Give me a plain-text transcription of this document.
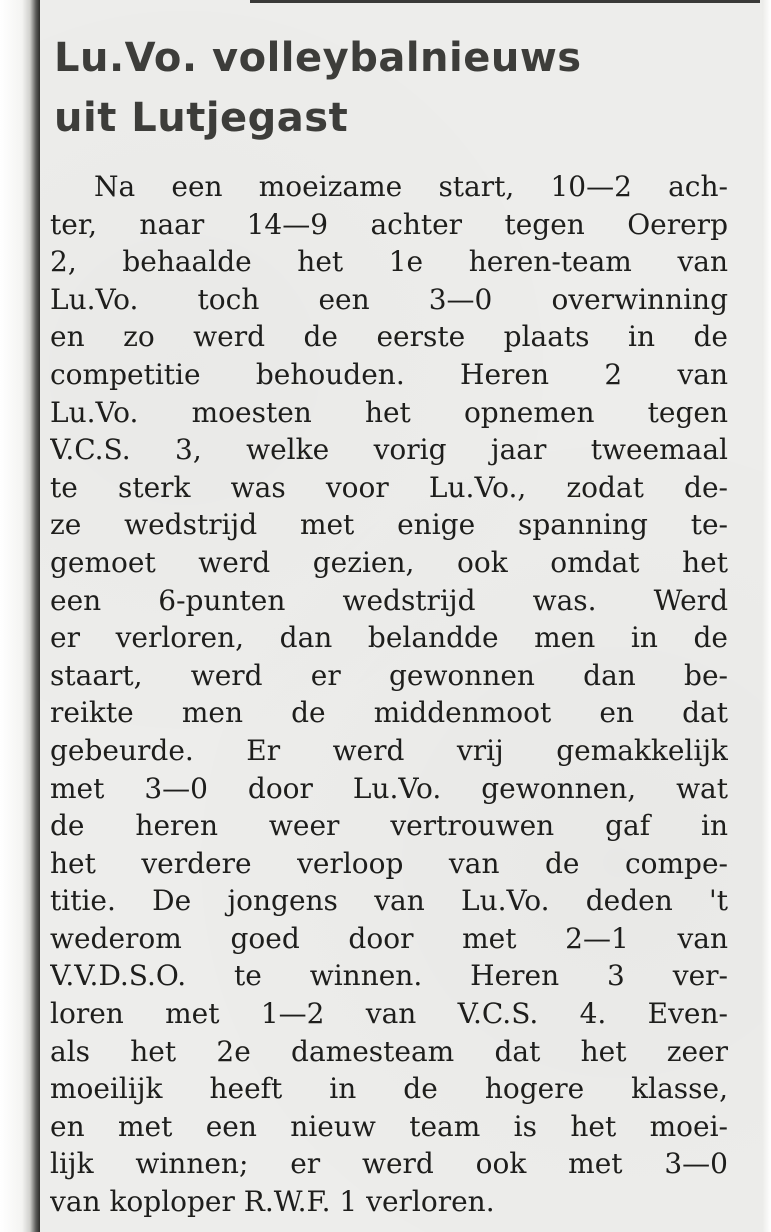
Lu.Vo. volleybalnieuws
uit Lutjegast
Na een moeizame start, 10—2 ach-
ter, naar 14—9 achter tegen Oererp
2, behaalde het 1e heren-team van
Lu.Vo. toch een 3—0 overwinning
en zo werd de eerste plaats in de
competitie behouden. Heren 2 van
Lu.Vo. moesten het opnemen tegen
V.C.S. 3, welke vorig jaar tweemaal
te sterk was voor Lu.Vo., zodat de-
ze wedstrijd met enige spanning te-
gemoet werd gezien, ook omdat het
een 6-punten wedstrijd was. Werd
er verloren, dan belandde men in de
staart, werd er gewonnen dan be-
reikte men de middenmoot en dat
gebeurde. Er werd vrij gemakkelijk
met 3—0 door Lu.Vo. gewonnen, wat
de heren weer vertrouwen gaf in
het verdere verloop van de compe-
titie. De jongens van Lu.Vo. deden 't
wederom goed door met 2—1 van
V.V.D.S.O. te winnen. Heren 3 ver-
loren met 1—2 van V.C.S. 4. Even-
als het 2e damesteam dat het zeer
moeilijk heeft in de hogere klasse,
en met een nieuw team is het moei-
lijk winnen; er werd ook met 3—0
van koploper R.W.F. 1 verloren.
